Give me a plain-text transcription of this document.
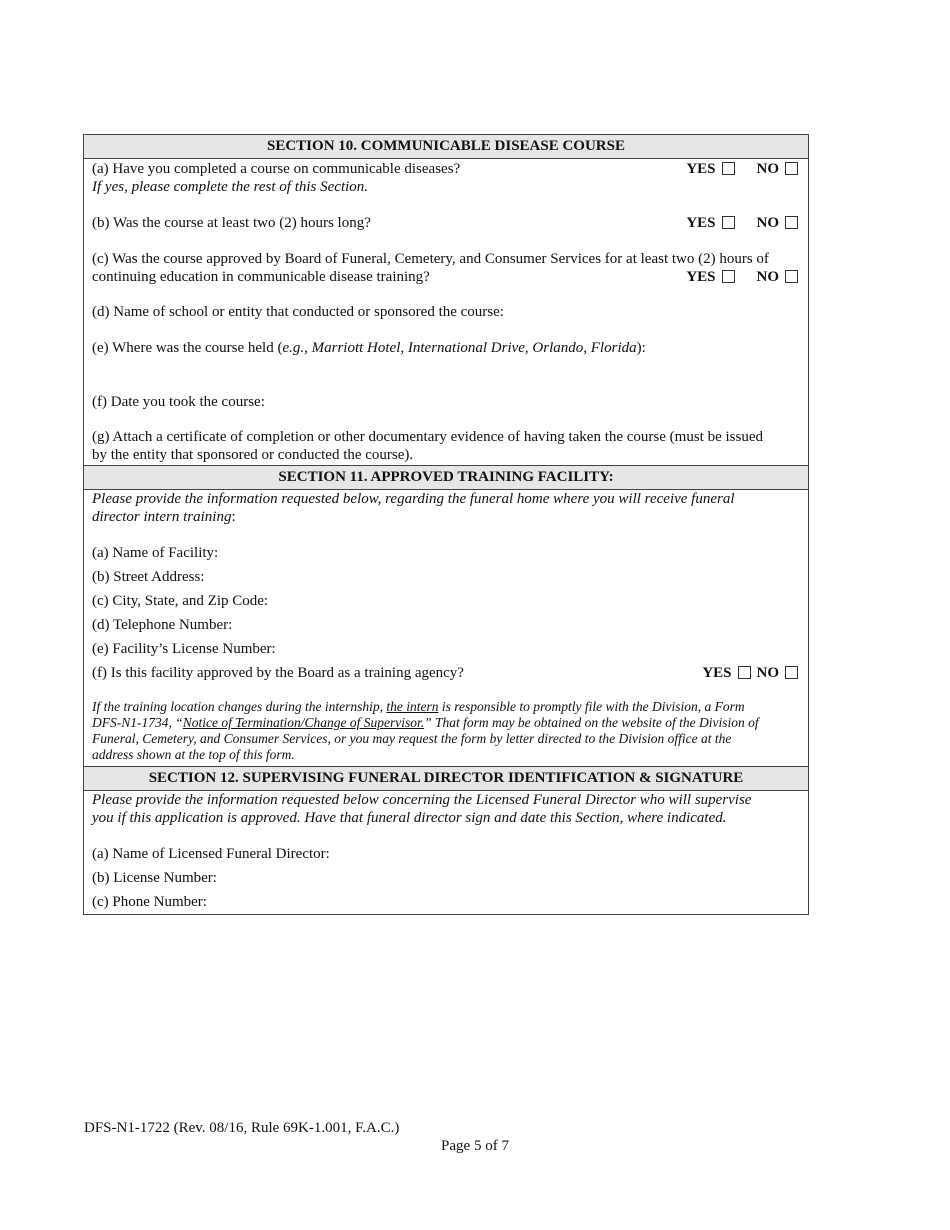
SECTION 10. COMMUNICABLE DISEASE COURSE
(a) Have you completed a course on communicable diseases?	YES	NO
If yes, please complete the rest of this Section.
(b) Was the course at least two (2) hours long?	YES	NO
(c) Was the course approved by Board of Funeral, Cemetery, and Consumer Services for at least two (2) hours of
continuing education in communicable disease training?	YES	NO
(d) Name of school or entity that conducted or sponsored the course:
(e) Where was the course held (e.g., Marriott Hotel, International Drive, Orlando, Florida):
(f) Date you took the course:
(g) Attach a certificate of completion or other documentary evidence of having taken the course (must be issued
by the entity that sponsored or conducted the course).
SECTION 11. APPROVED TRAINING FACILITY:
Please provide the information requested below, regarding the funeral home where you will receive funeral
director intern training:
(a) Name of Facility:
(b) Street Address:
(c) City, State, and Zip Code:
(d) Telephone Number:
(e) Facility’s License Number:
(f) Is this facility approved by the Board as a training agency?	YES NO
If the training location changes during the internship, the intern is responsible to promptly file with the Division, a Form
DFS-N1-1734, “Notice of Termination/Change of Supervisor.” That form may be obtained on the website of the Division of
Funeral, Cemetery, and Consumer Services, or you may request the form by letter directed to the Division office at the
address shown at the top of this form.
SECTION 12. SUPERVISING FUNERAL DIRECTOR IDENTIFICATION & SIGNATURE
Please provide the information requested below concerning the Licensed Funeral Director who will supervise
you if this application is approved. Have that funeral director sign and date this Section, where indicated.
(a) Name of Licensed Funeral Director:
(b) License Number:
(c) Phone Number:
DFS-N1-1722 (Rev. 08/16, Rule 69K-1.001, F.A.C.)
Page 5 of 7
